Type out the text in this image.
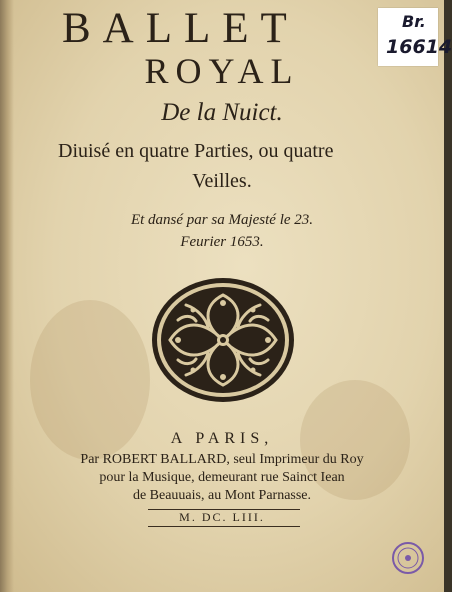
BALLET
ROYAL
De la Nuict.
Diuisé en quatre Parties, ou quatre
Veilles.
Et dansé par sa Majesté le 23.
Feurier 1653.
A PARIS,
Par ROBERT BALLARD, seul Imprimeur du Roy
pour la Musique, demeurant rue Sainct Iean
de Beauuais, au Mont Parnasse.
M. DC. LIII.
Br.
16614
